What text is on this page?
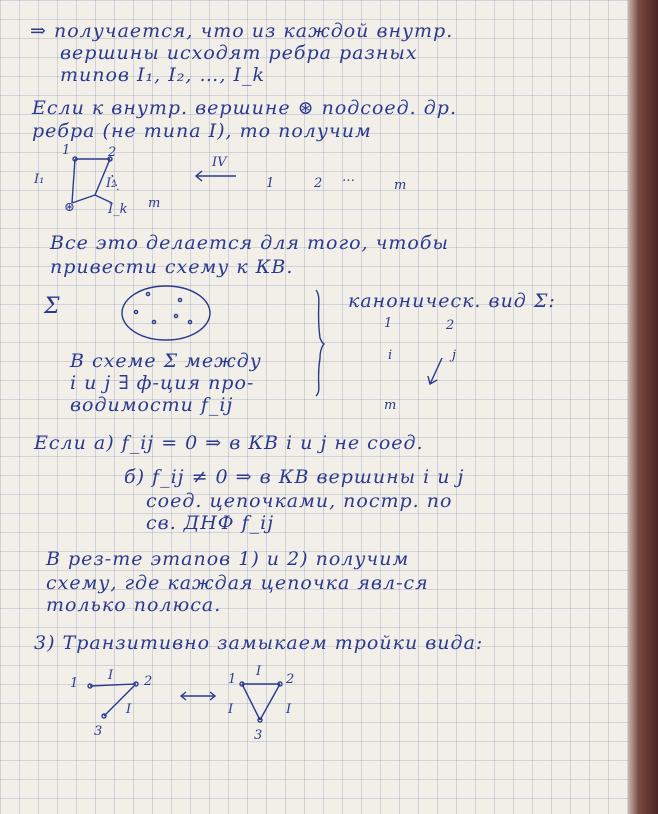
⇒ получается, что из каждой внутр.
вершины исходят ребра разных
типов I₁, I₂, …, I_k
Если к внутр. вершине ⊛ подсоед. др.
ребра (не типа I), то получим
1	2
I₁	I₂
⊛	I_k m
IV
1	2 …
m
Все это делается для того, чтобы
привести схему к КВ.
Σ	каноническ. вид Σ:
1	2
i	j
m
В схеме Σ между
i и j ∃ ф-ция про-
водимости f_ij
Если а) f_ij = 0 ⇒ в КВ i и j не соед.
б) f_ij ≠ 0 ⇒ в КВ вершины i и j
соед. цепочками, постр. по
св. ДНФ f_ij
В рез-те этапов 1) и 2) получим
схему, где каждая цепочка явл-ся
только полюса.
3) Транзитивно замыкаем тройки вида:
1	2
3
I
I
1	2
3
I
I	I
